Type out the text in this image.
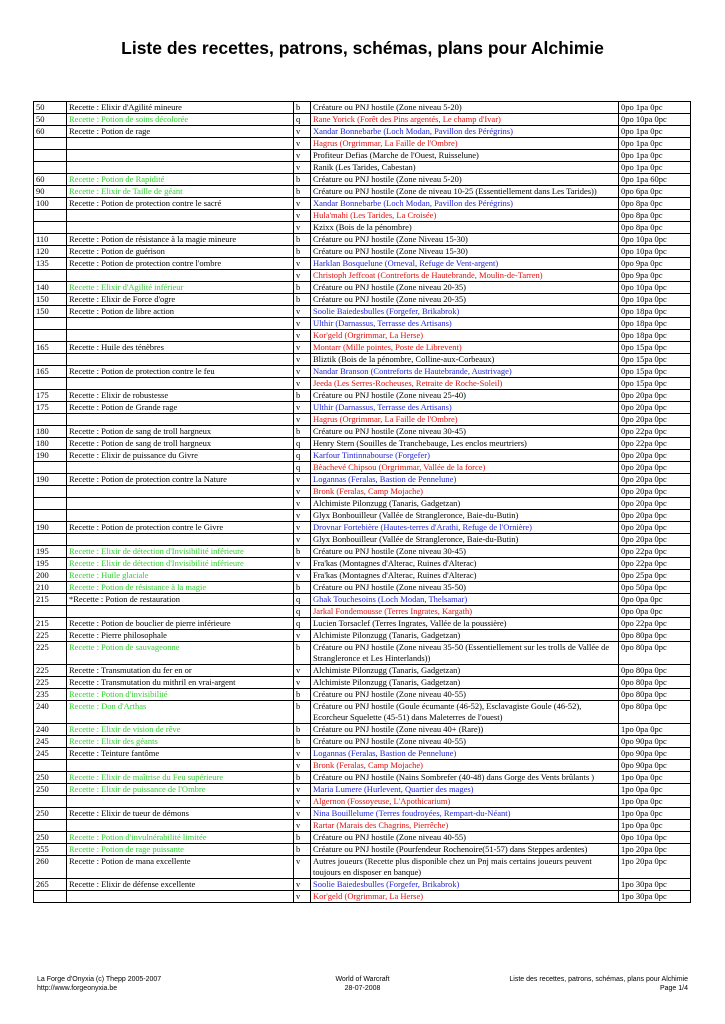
Liste des recettes, patrons, schémas, plans pour Alchimie
50	Recette : Elixir d'Agilité mineure	b	Créature ou PNJ hostile (Zone niveau 5-20)	0po 1pa 0pc
50	Recette : Potion de soins décolorée	q	Rane Yorick (Forêt des Pins argentés, Le champ d'Ivar)	0po 10pa 0pc
60	Recette : Potion de rage	v	Xandar Bonnebarbe (Loch Modan, Pavillon des Pérégrins)	0po 1pa 0pc
		v	Hagrus (Orgrimmar, La Faille de l'Ombre)	0po 1pa 0pc
		v	Profiteur Defias (Marche de l'Ouest, Ruisselune)	0po 1pa 0pc
		v	Ranik (Les Tarides, Cabestan)	0po 1pa 0pc
60	Recette : Potion de Rapidité	b	Créature ou PNJ hostile (Zone niveau 5-20)	0po 1pa 60pc
90	Recette : Elixir de Taille de géant	b	Créature ou PNJ hostile (Zone de niveau 10-25 (Essentiellement dans Les Tarides))	0po 6pa 0pc
100	Recette : Potion de protection contre le sacré	v	Xandar Bonnebarbe (Loch Modan, Pavillon des Pérégrins)	0po 8pa 0pc
		v	Hula'mahi (Les Tarides, La Croisée)	0po 8pa 0pc
		v	Kzixx (Bois de la pénombre)	0po 8pa 0pc
110	Recette : Potion de résistance à la magie mineure	b	Créature ou PNJ hostile (Zone Niveau 15-30)	0po 10pa 0pc
120	Recette : Potion de guérison	b	Créature ou PNJ hostile (Zone Niveau 15-30)	0po 10pa 0pc
135	Recette : Potion de protection contre l'ombre	v	Harklan Bosquelune (Orneval, Refuge de Vent-argent)	0po 9pa 0pc
		v	Christoph Jeffcoat (Contreforts de Hautebrande, Moulin-de-Tarren)	0po 9pa 0pc
140	Recette : Elixir d'Agilité inférieur	b	Créature ou PNJ hostile (Zone niveau 20-35)	0po 10pa 0pc
150	Recette : Elixir de Force d'ogre	b	Créature ou PNJ hostile (Zone niveau 20-35)	0po 10pa 0pc
150	Recette : Potion de libre action	v	Soolie Baiedesbulles (Forgefer, Brikabrok)	0po 18pa 0pc
		v	Ulthir (Darnassus, Terrasse des Artisans)	0po 18pa 0pc
		v	Kor'geld (Orgrimmar, La Herse)	0po 18pa 0pc
165	Recette : Huile des ténèbres	v	Montarr (Mille pointes, Poste de Librevent)	0po 15pa 0pc
		v	Bliztik (Bois de la pénombre, Colline-aux-Corbeaux)	0po 15pa 0pc
165	Recette : Potion de protection contre le feu	v	Nandar Branson (Contreforts de Hautebrande, Austrivage)	0po 15pa 0pc
		v	Jeeda (Les Serres-Rocheuses, Retraite de Roche-Soleil)	0po 15pa 0pc
175	Recette : Elixir de robustesse	b	Créature ou PNJ hostile (Zone niveau 25-40)	0po 20pa 0pc
175	Recette : Potion de Grande rage	v	Ulthir (Darnassus, Terrasse des Artisans)	0po 20pa 0pc
		v	Hagrus (Orgrimmar, La Faille de l'Ombre)	0po 20pa 0pc
180	Recette : Potion de sang de troll hargneux	b	Créature ou PNJ hostile (Zone niveau 30-45)	0po 22pa 0pc
180	Recette : Potion de sang de troll hargneux	q	Henry Stern (Souilles de Tranchebauge, Les enclos meurtriers)	0po 22pa 0pc
190	Recette : Elixir de puissance du Givre	q	Karfour Tintinnabourse (Forgefer)	0po 20pa 0pc
		q	Bèachevé Chipsou (Orgrimmar, Vallée de la force)	0po 20pa 0pc
190	Recette : Potion de protection contre la Nature	v	Logannas (Feralas, Bastion de Pennelune)	0po 20pa 0pc
		v	Bronk (Feralas, Camp Mojache)	0po 20pa 0pc
		v	Alchimiste Pilonzugg (Tanaris, Gadgetzan)	0po 20pa 0pc
		v	Glyx Bonbouilleur (Vallée de Strangleronce, Baie-du-Butin)	0po 20pa 0pc
190	Recette : Potion de protection contre le Givre	v	Drovnar Fortebière (Hautes-terres d'Arathi, Refuge de l'Ornière)	0po 20pa 0pc
		v	Glyx Bonbouilleur (Vallée de Strangleronce, Baie-du-Butin)	0po 20pa 0pc
195	Recette : Elixir de détection d'Invisibilité inférieure	b	Créature ou PNJ hostile (Zone niveau 30-45)	0po 22pa 0pc
195	Recette : Elixir de détection d'Invisibilité inférieure	v	Fra'kas (Montagnes d'Alterac, Ruines d'Alterac)	0po 22pa 0pc
200	Recette : Huile glaciale	v	Fra'kas (Montagnes d'Alterac, Ruines d'Alterac)	0po 25pa 0pc
210	Recette : Potion de résistance à la magie	b	Créature ou PNJ hostile (Zone niveau 35-50)	0po 50pa 0pc
215	*Recette : Potion de restauration	q	Ghak Touchesoins (Loch Modan, Thelsamar)	0po 0pa 0pc
		q	Jarkal Fondemousse (Terres Ingrates, Kargath)	0po 0pa 0pc
215	Recette : Potion de bouclier de pierre inférieure	q	Lucien Torsaclef (Terres Ingrates, Vallée de la poussière)	0po 22pa 0pc
225	Recette : Pierre philosophale	v	Alchimiste Pilonzugg (Tanaris, Gadgetzan)	0po 80pa 0pc
225	Recette : Potion de sauvageonne	b	Créature ou PNJ hostile (Zone niveau 35-50 (Essentiellement sur les trolls de Vallée de Strangleronce et Les Hinterlands))	0po 80pa 0pc
225	Recette : Transmutation du fer en or	v	Alchimiste Pilonzugg (Tanaris, Gadgetzan)	0po 80pa 0pc
225	Recette : Transmutation du mithril en vrai-argent	v	Alchimiste Pilonzugg (Tanaris, Gadgetzan)	0po 80pa 0pc
235	Recette : Potion d'invisibilité	b	Créature ou PNJ hostile (Zone niveau 40-55)	0po 80pa 0pc
240	Recette : Don d'Arthas	b	Créature ou PNJ hostile (Goule écumante (46-52), Esclavagiste Goule (46-52), Ecorcheur Squelette (45-51) dans Maleterres de l'ouest)	0po 80pa 0pc
240	Recette : Elixir de vision de rêve	b	Créature ou PNJ hostile (Zone niveau 40+ (Rare))	1po 0pa 0pc
245	Recette : Elixir des géants	b	Créature ou PNJ hostile (Zone niveau 40-55)	0po 90pa 0pc
245	Recette : Teinture fantôme	v	Logannas (Feralas, Bastion de Pennelune)	0po 90pa 0pc
		v	Bronk (Feralas, Camp Mojache)	0po 90pa 0pc
250	Recette : Elixir de maîtrise du Feu supérieure	b	Créature ou PNJ hostile (Nains Sombrefer (40-48) dans Gorge des Vents brûlants )	1po 0pa 0pc
250	Recette : Elixir de puissance de l'Ombre	v	Maria Lumere (Hurlevent, Quartier des mages)	1po 0pa 0pc
		v	Algernon (Fossoyeuse, L'Apothicarium)	1po 0pa 0pc
250	Recette : Elixir de tueur de démons	v	Nina Bouillelume (Terres foudroyées, Rempart-du-Néant)	1po 0pa 0pc
		v	Rartar (Marais des Chagrins, Pierrêche)	1po 0pa 0pc
250	Recette : Potion d'invulnérabilité limitée	b	Créature ou PNJ hostile (Zone niveau 40-55)	0po 10pa 0pc
255	Recette : Potion de rage puissante	b	Créature ou PNJ hostile (Pourfendeur Rochenoire(51-57) dans Steppes ardentes)	1po 20pa 0pc
260	Recette : Potion de mana excellente	v	Autres joueurs (Recette plus disponible chez un Pnj mais certains joueurs peuvent toujours en disposer en banque)	1po 20pa 0pc
265	Recette : Elixir de défense excellente	v	Soolie Baiedesbulles (Forgefer, Brikabrok)	1po 30pa 0pc
		v	Kor'geld (Orgrimmar, La Herse)	1po 30pa 0pc
La Forge d'Onyxia (c) Thepp 2005-2007
http://www.forgeonyxia.be
World of Warcraft
28-07-2008
Liste des recettes, patrons, schémas, plans pour Alchimie
Page 1/4
